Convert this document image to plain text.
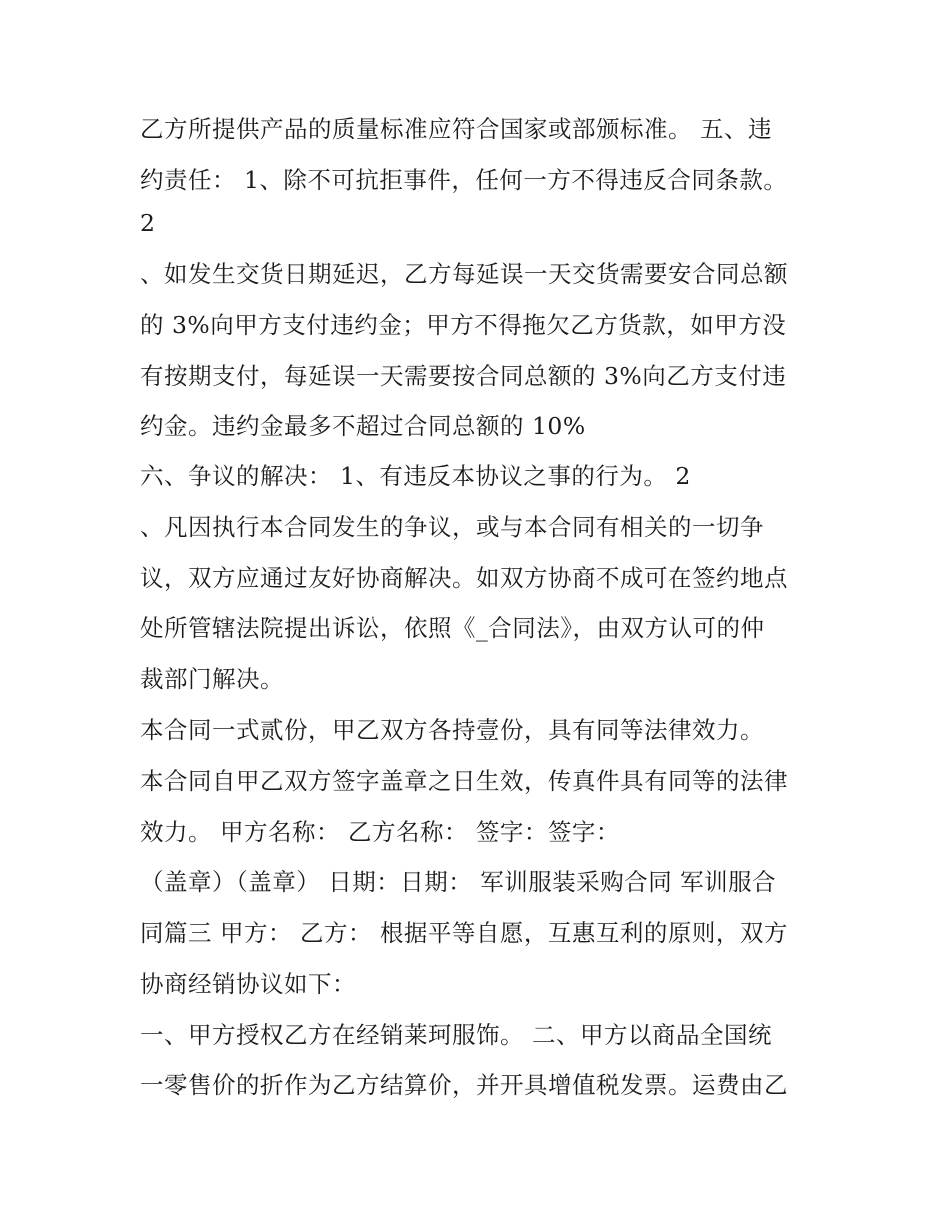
乙方所提供产品的质量标准应符合国家或部颁标准。 五、违
约责任： 1、除不可抗拒事件，任何一方不得违反合同条款。
2
、如发生交货日期延迟，乙方每延误一天交货需要安合同总额
的 3%向甲方支付违约金；甲方不得拖欠乙方货款，如甲方没
有按期支付，每延误一天需要按合同总额的 3%向乙方支付违
约金。违约金最多不超过合同总额的 10%
六、争议的解决： 1、有违反本协议之事的行为。 2
、凡因执行本合同发生的争议，或与本合同有相关的一切争
议，双方应通过友好协商解决。如双方协商不成可在签约地点
处所管辖法院提出诉讼，依照《_合同法》，由双方认可的仲
裁部门解决。
本合同一式贰份，甲乙双方各持壹份，具有同等法律效力。
本合同自甲乙双方签字盖章之日生效，传真件具有同等的法律
效力。 甲方名称： 乙方名称： 签字：签字：
（盖章）（盖章） 日期：日期： 军训服装采购合同 军训服合
同篇三 甲方： 乙方： 根据平等自愿，互惠互利的原则，双方
协商经销协议如下：
一、甲方授权乙方在经销莱珂服饰。 二、甲方以商品全国统
一零售价的折作为乙方结算价，并开具增值税发票。运费由乙
